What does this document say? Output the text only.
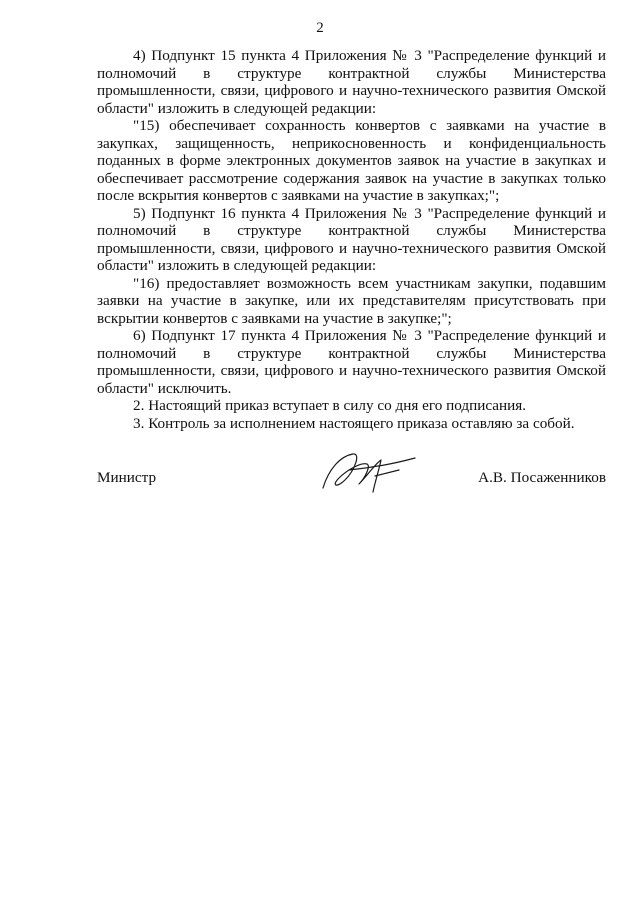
2

4) Подпункт 15 пункта 4 Приложения № 3 "Распределение функций и полномочий в структуре контрактной службы Министерства промышленности, связи, цифрового и научно-технического развития Омской области" изложить в следующей редакции:

"15) обеспечивает сохранность конвертов с заявками на участие в закупках, защищенность, неприкосновенность и конфиденциальность поданных в форме электронных документов заявок на участие в закупках и обеспечивает рассмотрение содержания заявок на участие в закупках только после вскрытия конвертов с заявками на участие в закупках;";

5) Подпункт 16 пункта 4 Приложения № 3 "Распределение функций и полномочий в структуре контрактной службы Министерства промышленности, связи, цифрового и научно-технического развития Омской области" изложить в следующей редакции:

"16) предоставляет возможность всем участникам закупки, подавшим заявки на участие в закупке, или их представителям присутствовать при вскрытии конвертов с заявками на участие в закупке;";

6) Подпункт 17 пункта 4 Приложения № 3 "Распределение функций и полномочий в структуре контрактной службы Министерства промышленности, связи, цифрового и научно-технического развития Омской области" исключить.

2. Настоящий приказ вступает в силу со дня его подписания.

3. Контроль за исполнением настоящего приказа оставляю за собой.

Министр	А.В. Посаженников
